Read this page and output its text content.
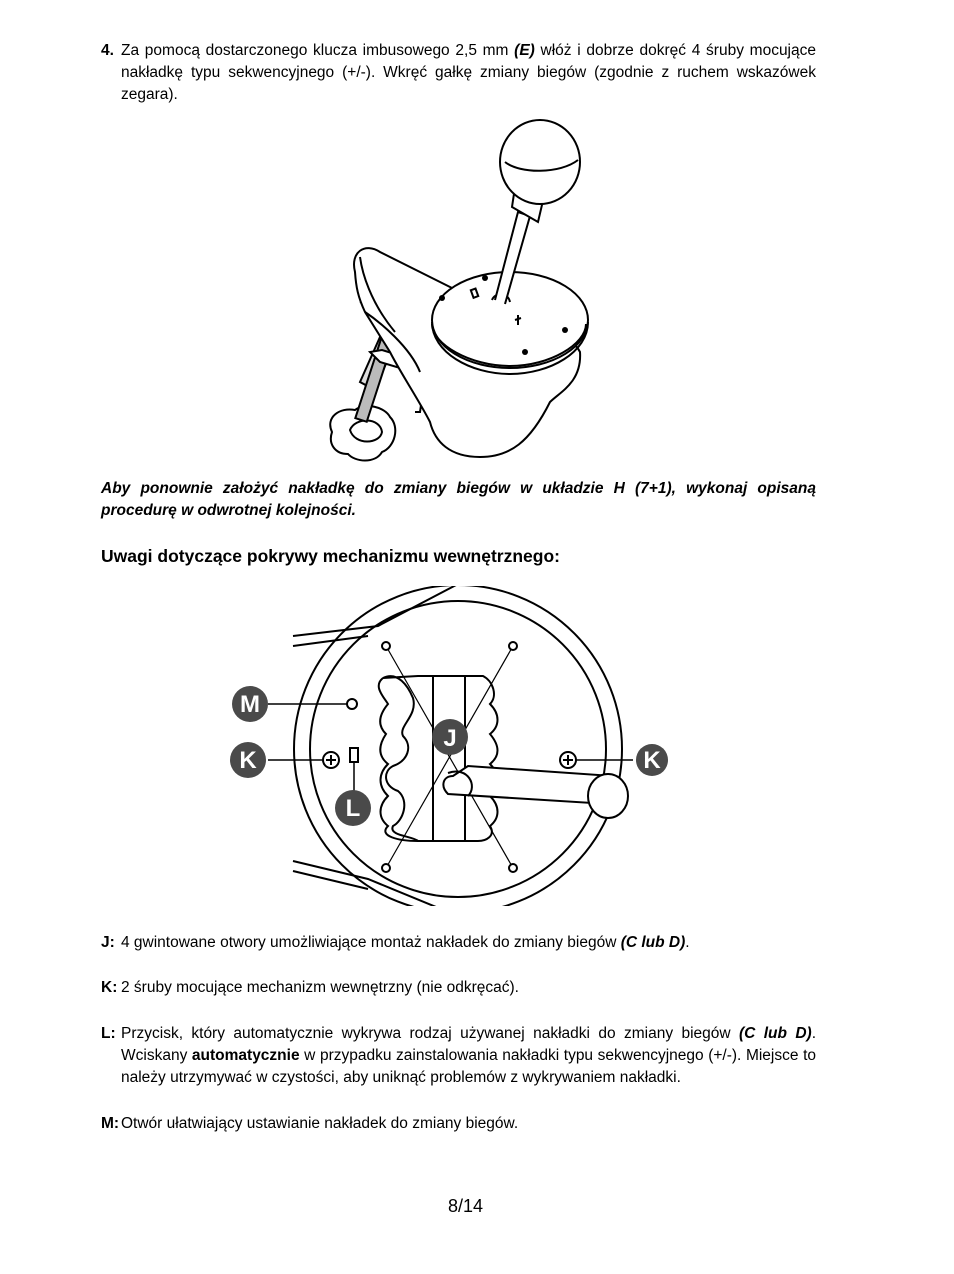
4. Za pomocą dostarczonego klucza imbusowego 2,5 mm (E) włóż i dobrze dokręć 4 śruby mocujące nakładkę typu sekwencyjnego (+/-). Wkręć gałkę zmiany biegów (zgodnie z ruchem wskazówek zegara).
Aby ponownie założyć nakładkę do zmiany biegów w układzie H (7+1), wykonaj opisaną procedurę w odwrotnej kolejności.
Uwagi dotyczące pokrywy mechanizmu wewnętrznego:
M
K
J
K
L
J: 4 gwintowane otwory umożliwiające montaż nakładek do zmiany biegów (C lub D).
K: 2 śruby mocujące mechanizm wewnętrzny (nie odkręcać).
L: Przycisk, który automatycznie wykrywa rodzaj używanej nakładki do zmiany biegów (C lub D). Wciskany automatycznie w przypadku zainstalowania nakładki typu sekwencyjnego (+/-). Miejsce to należy utrzymywać w czystości, aby uniknąć problemów z wykrywaniem nakładki.
M: Otwór ułatwiający ustawianie nakładek do zmiany biegów.
8/14
